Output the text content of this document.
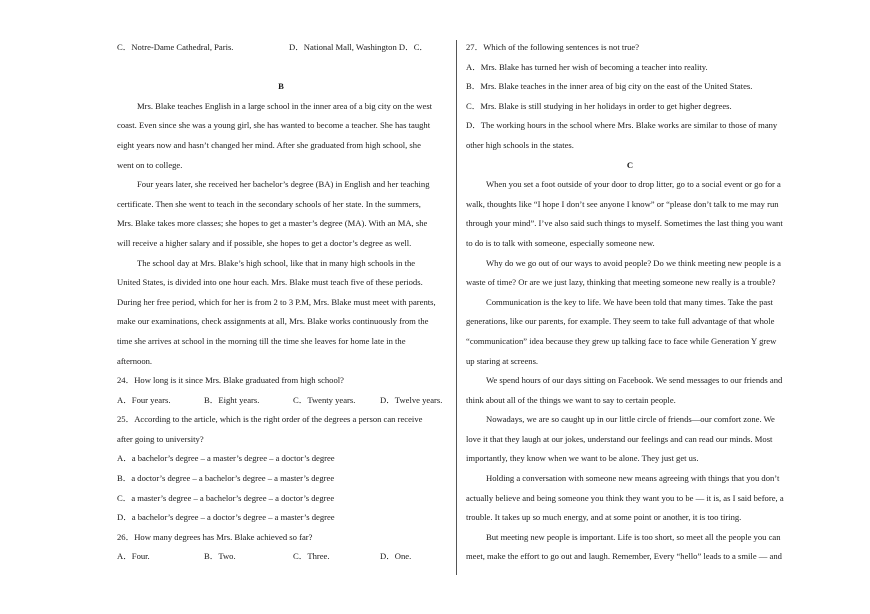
C．Notre-Dame Cathedral, Paris.	D．National Mall, Washington D．C．
B
Mrs. Blake teaches English in a large school in the inner area of a big city on the west
coast. Even since she was a young girl, she has wanted to become a teacher. She has taught
eight years now and hasn’t changed her mind. After she graduated from high school, she
went on to college.
Four years later, she received her bachelor’s degree (BA) in English and her teaching
certificate. Then she went to teach in the secondary schools of her state. In the summers,
Mrs. Blake takes more classes; she hopes to get a master’s degree (MA). With an MA, she
will receive a higher salary and if possible, she hopes to get a doctor’s degree as well.
The school day at Mrs. Blake’s high school, like that in many high schools in the
United States, is divided into one hour each. Mrs. Blake must teach five of these periods.
During her free period, which for her is from 2 to 3 P.M, Mrs. Blake must meet with parents,
make our examinations, check assignments at all, Mrs. Blake works continuously from the
time she arrives at school in the morning till the time she leaves for home late in the
afternoon.
24．How long is it since Mrs. Blake graduated from high school?
A．Four years.	B．Eight years.	C．Twenty years.	D．Twelve years.
25．According to the article, which is the right order of the degrees a person can receive
after going to university?
A．a bachelor’s degree – a master’s degree – a doctor’s degree
B．a doctor’s degree – a bachelor’s degree – a master’s degree
C．a master’s degree – a bachelor’s degree – a doctor’s degree
D．a bachelor’s degree – a doctor’s degree – a master’s degree
26．How many degrees has Mrs. Blake achieved so far?
A．Four.	B．Two.	C．Three.	D．One.
27．Which of the following sentences is not true?
A．Mrs. Blake has turned her wish of becoming a teacher into reality.
B．Mrs. Blake teaches in the inner area of big city on the east of the United States.
C．Mrs. Blake is still studying in her holidays in order to get higher degrees.
D．The working hours in the school where Mrs. Blake works are similar to those of many
other high schools in the states.
C
When you set a foot outside of your door to drop litter, go to a social event or go for a
walk, thoughts like “I hope I don’t see anyone I know” or “please don’t talk to me may run
through your mind”. I’ve also said such things to myself. Sometimes the last thing you want
to do is to talk with someone, especially someone new.
Why do we go out of our ways to avoid people? Do we think meeting new people is a
waste of time? Or are we just lazy, thinking that meeting someone new really is a trouble?
Communication is the key to life. We have been told that many times. Take the past
generations, like our parents, for example. They seem to take full advantage of that whole
“communication” idea because they grew up talking face to face while Generation Y grew
up staring at screens.
We spend hours of our days sitting on Facebook. We send messages to our friends and
think about all of the things we want to say to certain people.
Nowadays, we are so caught up in our little circle of friends—our comfort zone. We
love it that they laugh at our jokes, understand our feelings and can read our minds. Most
importantly, they know when we want to be alone. They just get us.
Holding a conversation with someone new means agreeing with things that you don’t
actually believe and being someone you think they want you to be — it is, as I said before, a
trouble. It takes up so much energy, and at some point or another, it is too tiring.
But meeting new people is important. Life is too short, so meet all the people you can
meet, make the effort to go out and laugh. Remember, Every “hello” leads to a smile — and
